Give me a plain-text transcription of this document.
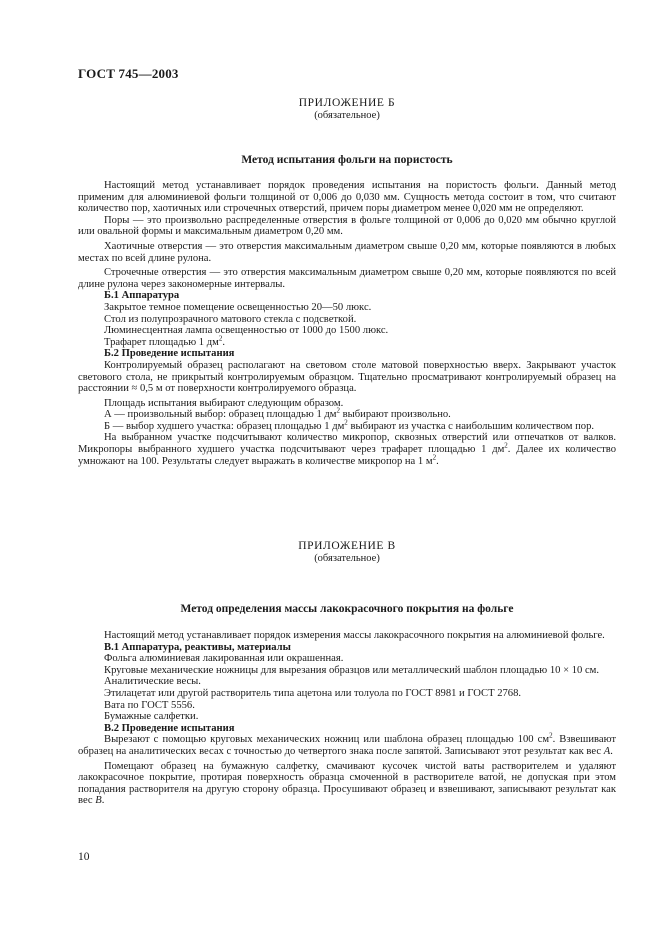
ГОСТ 745—2003
ПРИЛОЖЕНИЕ Б
(обязательное)
Метод испытания фольги на пористость

Настоящий метод устанавливает порядок проведения испытания на пористость фольги. Данный метод применим для алюминиевой фольги толщиной от 0,006 до 0,030 мм. Сущность метода состоит в том, что считают количество пор, хаотичных или строчечных отверстий, причем поры диаметром менее 0,020 мм не определяют.

Поры — это произвольно распределенные отверстия в фольге толщиной от 0,006 до 0,020 мм обычно круглой или овальной формы и максимальным диаметром 0,20 мм.

Хаотичные отверстия — это отверстия максимальным диаметром свыше 0,20 мм, которые появляются в любых местах по всей длине рулона.

Строчечные отверстия — это отверстия максимальным диаметром свыше 0,20 мм, которые появляются по всей длине рулона через закономерные интервалы.

Б.1 Аппаратура

Закрытое темное помещение освещенностью 20—50 люкс.

Стол из полупрозрачного матового стекла с подсветкой.

Люминесцентная лампа освещенностью от 1000 до 1500 люкс.

Трафарет площадью 1 $дм^2$.

Б.2 Проведение испытания

Контролируемый образец располагают на световом столе матовой поверхностью вверх. Закрывают участок светового стола, не прикрытый контролируемым образцом. Тщательно просматривают контролируемый образец на расстоянии ≈ 0,5 м от поверхности контролируемого образца.

Площадь испытания выбирают следующим образом.

А — произвольный выбор: образец площадью 1 $дм^2$ выбирают произвольно.

Б — выбор худшего участка: образец площадью 1 $дм^2$ выбирают из участка с наибольшим количеством пор.

На выбранном участке подсчитывают количество микропор, сквозных отверстий или отпечатков от валков. Микропоры выбранного худшего участка подсчитывают через трафарет площадью 1 $дм^2$. Далее их количество умножают на 100. Результаты следует выражать в количестве микропор на 1 $м^2$.

ПРИЛОЖЕНИЕ В
(обязательное)
Метод определения массы лакокрасочного покрытия на фольге

Настоящий метод устанавливает порядок измерения массы лакокрасочного покрытия на алюминиевой фольге.

В.1 Аппаратура, реактивы, материалы

Фольга алюминиевая лакированная или окрашенная.

Круговые механические ножницы для вырезания образцов или металлический шаблон площадью 10 × 10 см.

Аналитические весы.

Этилацетат или другой растворитель типа ацетона или толуола по ГОСТ 8981 и ГОСТ 2768.

Вата по ГОСТ 5556.

Бумажные салфетки.

В.2 Проведение испытания

Вырезают с помощью круговых механических ножниц или шаблона образец площадью 100 $см^2$. Взвешивают образец на аналитических весах с точностью до четвертого знака после запятой. Записывают этот результат как вес А.

Помещают образец на бумажную салфетку, смачивают кусочек чистой ваты растворителем и удаляют лакокрасочное покрытие, протирая поверхность образца смоченной в растворителе ватой, не допуская при этом попадания растворителя на другую сторону образца. Просушивают образец и взвешивают, записывают результат как вес В.

10
